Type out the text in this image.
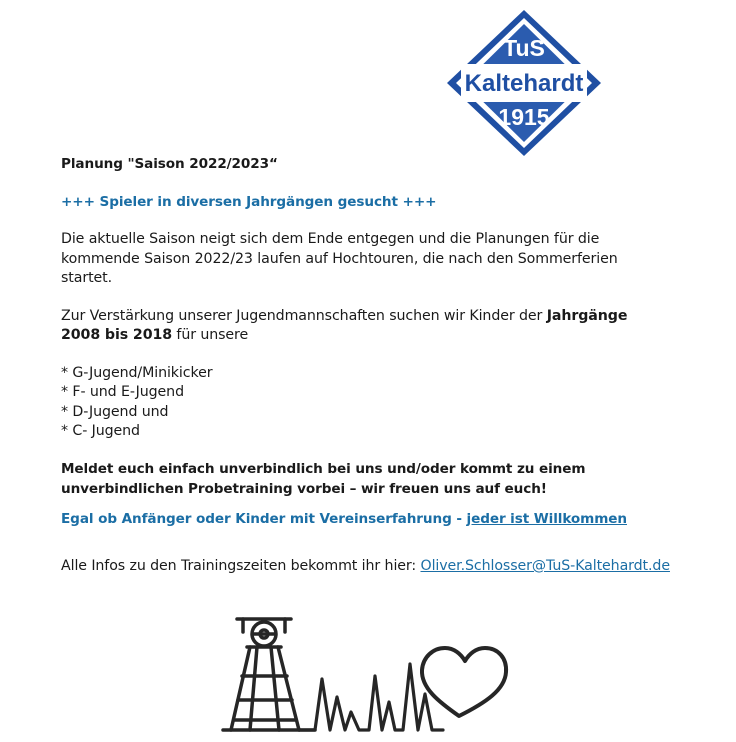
TuS
Kaltehardt
1915

Planung "Saison 2022/2023“

+++ Spieler in diversen Jahrgängen gesucht +++

Die aktuelle Saison neigt sich dem Ende entgegen und die Planungen für die kommende Saison 2022/23 laufen auf Hochtouren, die nach den Sommerferien startet.

Zur Verstärkung unserer Jugendmannschaften suchen wir Kinder der Jahrgänge 2008 bis 2018 für unsere

* G-Jugend/Minikicker
* F- und E-Jugend
* D-Jugend und
* C- Jugend

Meldet euch einfach unverbindlich bei uns und/oder kommt zu einem unverbindlichen Probetraining vorbei – wir freuen uns auf euch!

Egal ob Anfänger oder Kinder mit Vereinserfahrung - jeder ist Willkommen

Alle Infos zu den Trainingszeiten bekommt ihr hier: Oliver.Schlosser@TuS-Kaltehardt.de
